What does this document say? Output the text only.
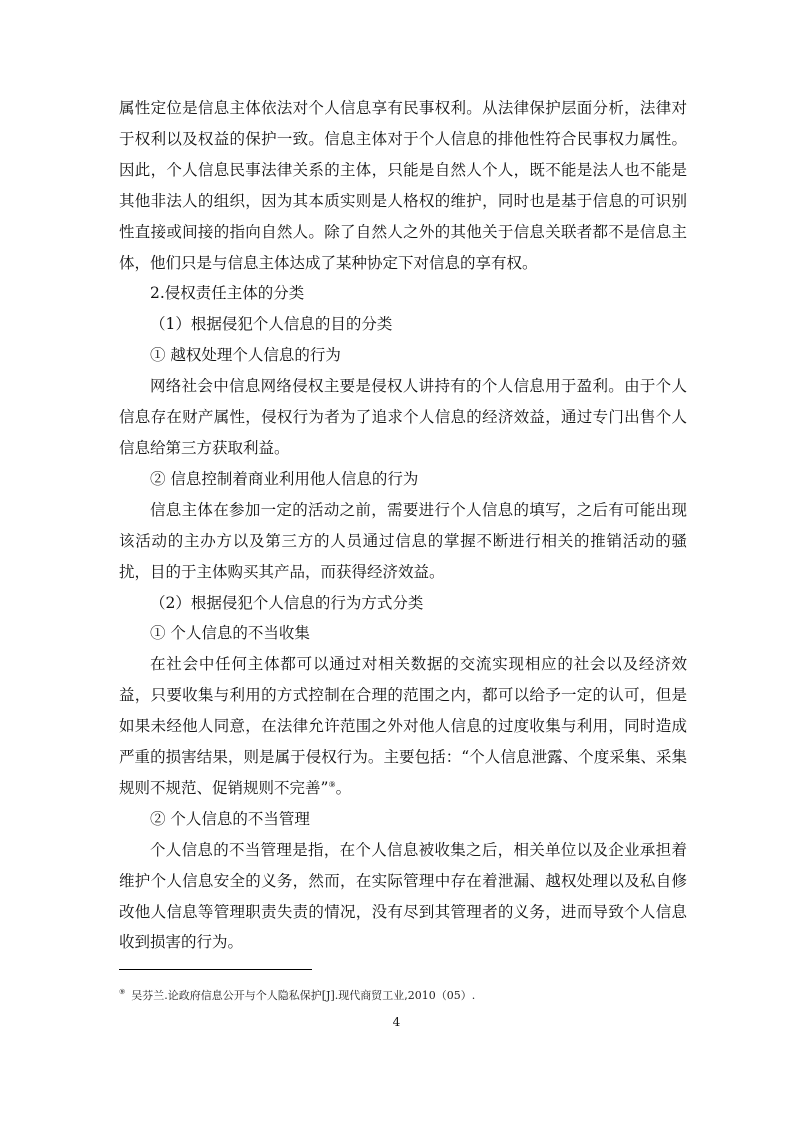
属性定位是信息主体依法对个人信息享有民事权利。从法律保护层面分析，法律对于权利以及权益的保护一致。信息主体对于个人信息的排他性符合民事权力属性。因此，个人信息民事法律关系的主体，只能是自然人个人，既不能是法人也不能是其他非法人的组织，因为其本质实则是人格权的维护，同时也是基于信息的可识别性直接或间接的指向自然人。除了自然人之外的其他关于信息关联者都不是信息主体，他们只是与信息主体达成了某种协定下对信息的享有权。

2.侵权责任主体的分类

（1）根据侵犯个人信息的目的分类

① 越权处理个人信息的行为

网络社会中信息网络侵权主要是侵权人讲持有的个人信息用于盈利。由于个人信息存在财产属性，侵权行为者为了追求个人信息的经济效益，通过专门出售个人信息给第三方获取利益。

② 信息控制着商业利用他人信息的行为

信息主体在参加一定的活动之前，需要进行个人信息的填写，之后有可能出现该活动的主办方以及第三方的人员通过信息的掌握不断进行相关的推销活动的骚扰，目的于主体购买其产品，而获得经济效益。

（2）根据侵犯个人信息的行为方式分类

① 个人信息的不当收集

在社会中任何主体都可以通过对相关数据的交流实现相应的社会以及经济效益，只要收集与利用的方式控制在合理的范围之内，都可以给予一定的认可，但是如果未经他人同意，在法律允许范围之外对他人信息的过度收集与利用，同时造成严重的损害结果，则是属于侵权行为。主要包括：“个人信息泄露、个度采集、采集规则不规范、促销规则不完善”⑨。

② 个人信息的不当管理

个人信息的不当管理是指，在个人信息被收集之后，相关单位以及企业承担着维护个人信息安全的义务，然而，在实际管理中存在着泄漏、越权处理以及私自修改他人信息等管理职责失责的情况，没有尽到其管理者的义务，进而导致个人信息收到损害的行为。

⑨ 吴芬兰.论政府信息公开与个人隐私保护[J].现代商贸工业,2010（05）.
4
